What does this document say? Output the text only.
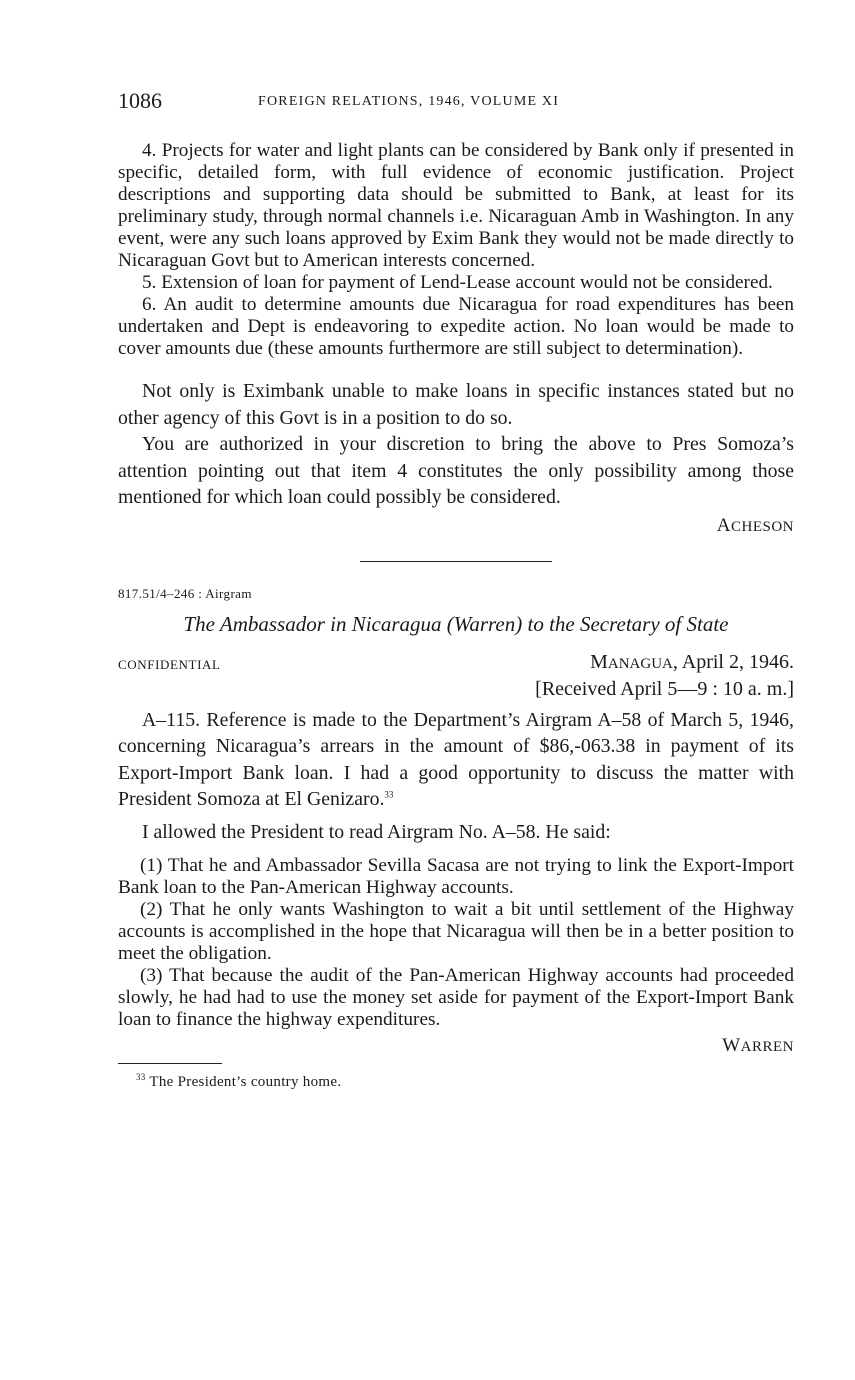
1086	FOREIGN RELATIONS, 1946, VOLUME XI

4. Projects for water and light plants can be considered by Bank only if presented in specific, detailed form, with full evidence of economic justification. Project descriptions and supporting data should be submitted to Bank, at least for its preliminary study, through normal channels i.e. Nicaraguan Amb in Washington. In any event, were any such loans approved by Exim Bank they would not be made directly to Nicaraguan Govt but to American interests concerned.

5. Extension of loan for payment of Lend-Lease account would not be considered.

6. An audit to determine amounts due Nicaragua for road expenditures has been undertaken and Dept is endeavoring to expedite action. No loan would be made to cover amounts due (these amounts furthermore are still subject to determination).

Not only is Eximbank unable to make loans in specific instances stated but no other agency of this Govt is in a position to do so.

You are authorized in your discretion to bring the above to Pres Somoza’s attention pointing out that item 4 constitutes the only possibility among those mentioned for which loan could possibly be considered.

ACHESON
817.51/4–246 : Airgram
The Ambassador in Nicaragua (Warren) to the Secretary of State
CONFIDENTIAL	MANAGUA, April 2, 1946.
[Received April 5—9 : 10 a. m.]

A–115. Reference is made to the Department’s Airgram A–58 of March 5, 1946, concerning Nicaragua’s arrears in the amount of $86,-063.38 in payment of its Export-Import Bank loan. I had a good opportunity to discuss the matter with President Somoza at El Genizaro.$^{33}$

I allowed the President to read Airgram No. A–58. He said:

(1) That he and Ambassador Sevilla Sacasa are not trying to link the Export-Import Bank loan to the Pan-American Highway accounts.

(2) That he only wants Washington to wait a bit until settlement of the Highway accounts is accomplished in the hope that Nicaragua will then be in a better position to meet the obligation.

(3) That because the audit of the Pan-American Highway accounts had proceeded slowly, he had had to use the money set aside for payment of the Export-Import Bank loan to finance the highway expenditures.

WARREN
$^{33}$ The President’s country home.
